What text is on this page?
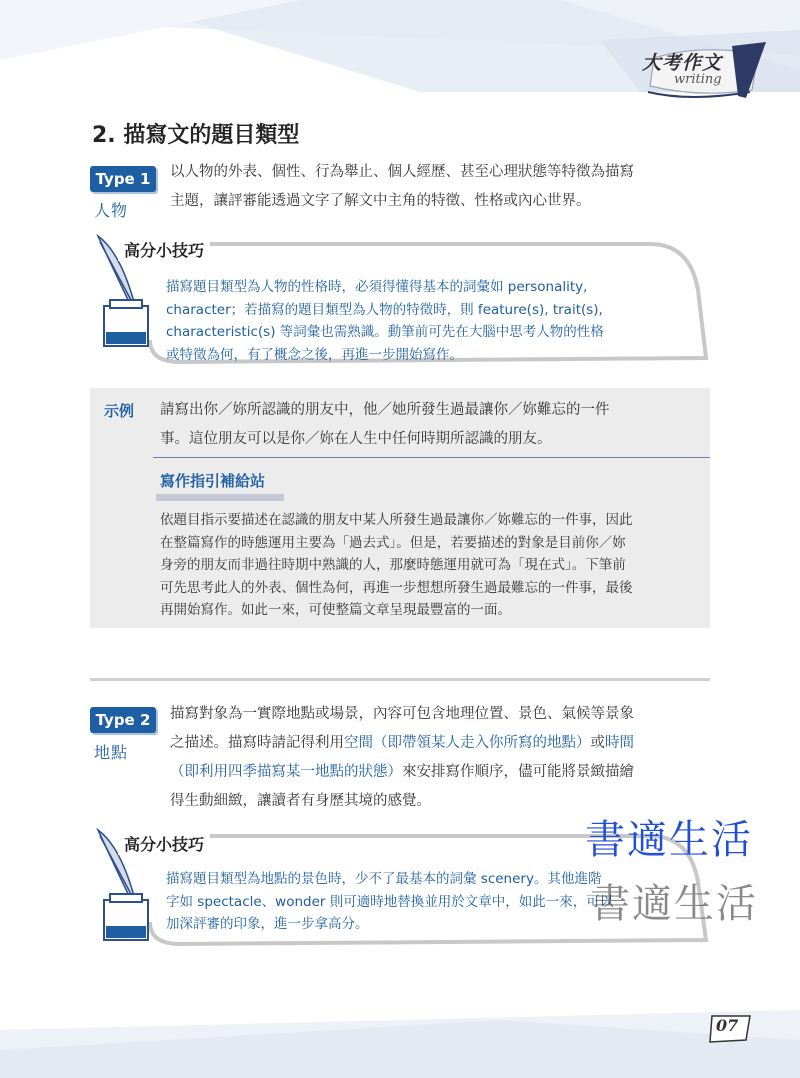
大考作文
writing
2. 描寫文的題目類型
Type 1
人物
以人物的外表、個性、行為舉止、個人經歷、甚至心理狀態等特徵為描寫
主題，讓評審能透過文字了解文中主角的特徵、性格或內心世界。
高分小技巧
描寫題目類型為人物的性格時，必須得懂得基本的詞彙如 personality,
character；若描寫的題目類型為人物的特徵時，則 feature(s), trait(s),
characteristic(s) 等詞彙也需熟識。動筆前可先在大腦中思考人物的性格
或特徵為何，有了概念之後，再進一步開始寫作。
示例 請寫出你／妳所認識的朋友中，他／她所發生過最讓你／妳難忘的一件
事。這位朋友可以是你／妳在人生中任何時期所認識的朋友。
寫作指引補給站
依題目指示要描述在認識的朋友中某人所發生過最讓你／妳難忘的一件事，因此
在整篇寫作的時態運用主要為「過去式」。但是，若要描述的對象是目前你／妳
身旁的朋友而非過往時期中熟識的人，那麼時態運用就可為「現在式」。下筆前
可先思考此人的外表、個性為何，再進一步想想所發生過最難忘的一件事，最後
再開始寫作。如此一來，可使整篇文章呈現最豐富的一面。
Type 2
地點
描寫對象為一實際地點或場景，內容可包含地理位置、景色、氣候等景象
之描述。描寫時請記得利用空間（即帶領某人走入你所寫的地點）或時間
（即利用四季描寫某一地點的狀態）來安排寫作順序，儘可能將景緻描繪
得生動細緻，讓讀者有身歷其境的感覺。
高分小技巧
描寫題目類型為地點的景色時，少不了最基本的詞彙 scenery。其他進階
字如 spectacle、wonder 則可適時地替換並用於文章中，如此一來，可以
加深評審的印象，進一步拿高分。
書適生活
書適生活
07
